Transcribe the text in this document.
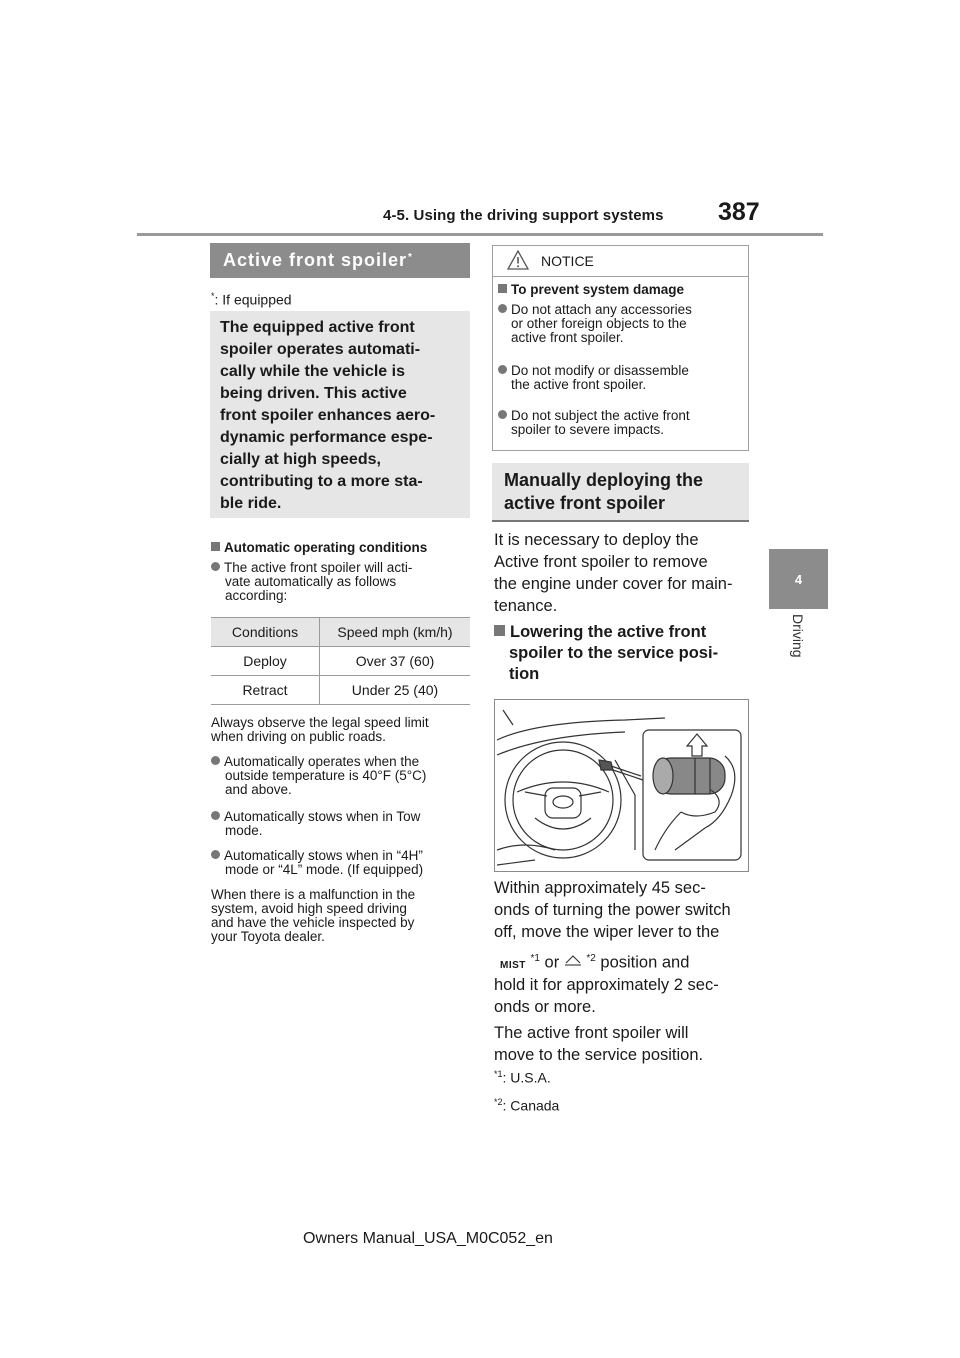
4-5. Using the driving support systems 387
4
Driving
Active front spoiler*
*: If equipped
The equipped active front
spoiler operates automati-
cally while the vehicle is
being driven. This active
front spoiler enhances aero-
dynamic performance espe-
cially at high speeds,
contributing to a more sta-
ble ride.
Automatic operating conditions
The active front spoiler will acti-
vate automatically as follows
according:
Conditions	Speed mph (km/h)
Deploy	Over 37 (60)
Retract	Under 25 (40)
Always observe the legal speed limit
when driving on public roads.
Automatically operates when the
outside temperature is 40°F (5°C)
and above.
Automatically stows when in Tow
mode.
Automatically stows when in “4H”
mode or “4L” mode. (If equipped)
When there is a malfunction in the
system, avoid high speed driving
and have the vehicle inspected by
your Toyota dealer.
NOTICE
To prevent system damage
Do not attach any accessories
or other foreign objects to the
active front spoiler.
Do not modify or disassemble
the active front spoiler.
Do not subject the active front
spoiler to severe impacts.
Manually deploying the
active front spoiler
It is necessary to deploy the
Active front spoiler to remove
the engine under cover for main-
tenance.
Lowering the active front
spoiler to the service posi-
tion
Within approximately 45 sec-
onds of turning the power switch
off, move the wiper lever to the
MIST $^{*1}$ or  $^{*2}$ position and
hold it for approximately 2 sec-
onds or more.
The active front spoiler will
move to the service position.
$^{*1}$: U.S.A.
$^{*2}$: Canada
Owners Manual_USA_M0C052_en
